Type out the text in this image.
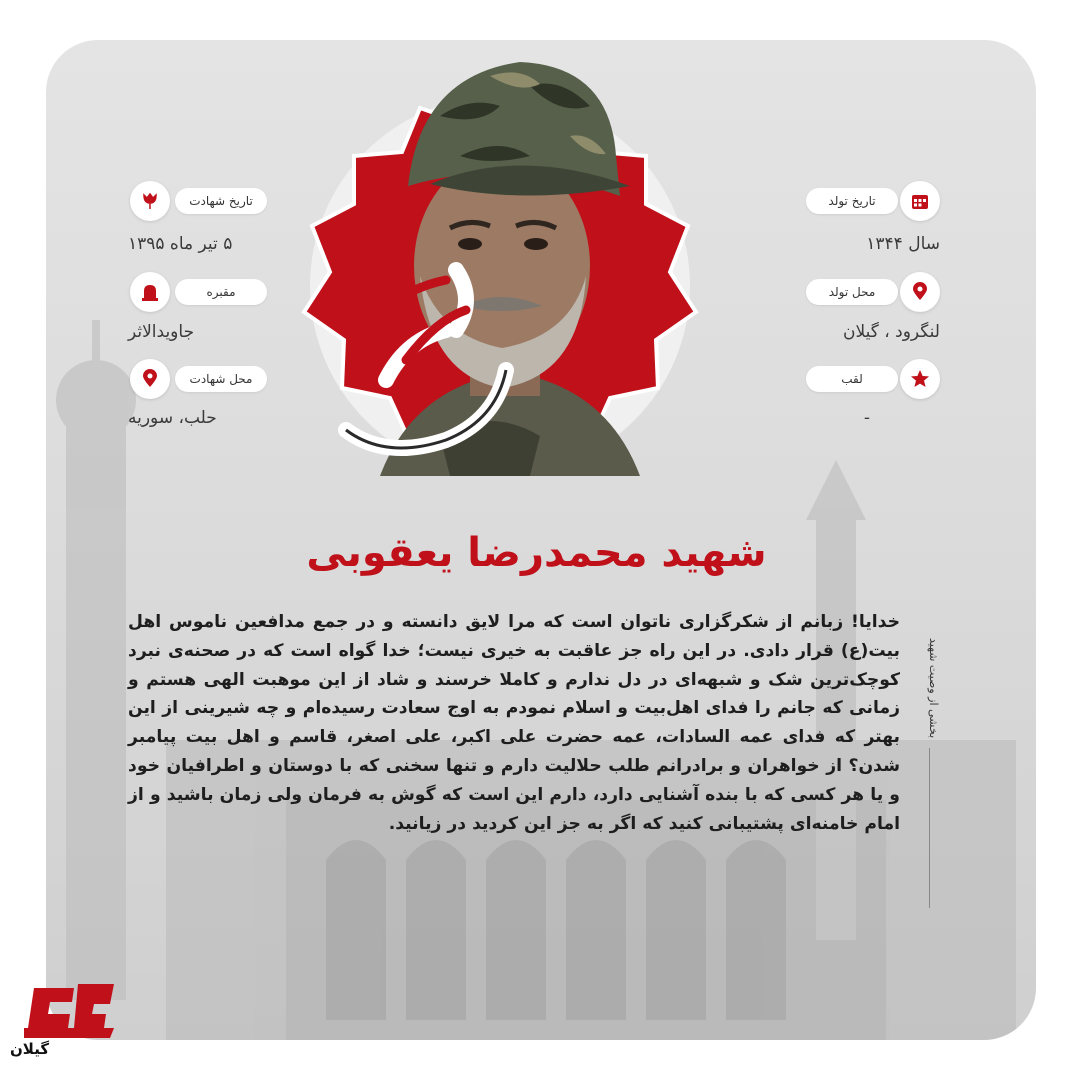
تاریخ شهادت
۵ تیر ماه ۱۳۹۵
مقبره
جاویدالاثر
محل شهادت
حلب، سوریه
تاریخ تولد
سال ۱۳۴۴
محل تولد
لنگرود ، گیلان
لقب
-
شهید محمدرضا یعقوبی
خدایا! زبانم از شکرگزاری ناتوان است که مرا لایق دانسته و در جمع مدافعین ناموس اهل بیت(ع) قرار دادی. در این راه جز عاقبت به خیری نیست؛ خدا گواه است که در صحنه‌ی نبرد کوچک‌ترین شک و شبهه‌ای در دل ندارم و کاملا خرسند و شاد از این موهبت الهی هستم و زمانی که جانم را فدای اهل‌بیت و اسلام نمودم به اوج سعادت رسیده‌ام و چه شیرینی از این بهتر که فدای عمه السادات، عمه حضرت علی اکبر، علی اصغر، قاسم و اهل بیت پیامبر شدن؟ از خواهران و برادرانم طلب حلالیت دارم و تنها سخنی که با دوستان و اطرافیان خود و یا هر کسی که با بنده آشنایی دارد، دارم این است که گوش به فرمان ولی زمان باشید و از امام خامنه‌ای پشتیبانی کنید که اگر به جز این کردید در زیانید.
بخشی از وصیت شهید
گیلان
